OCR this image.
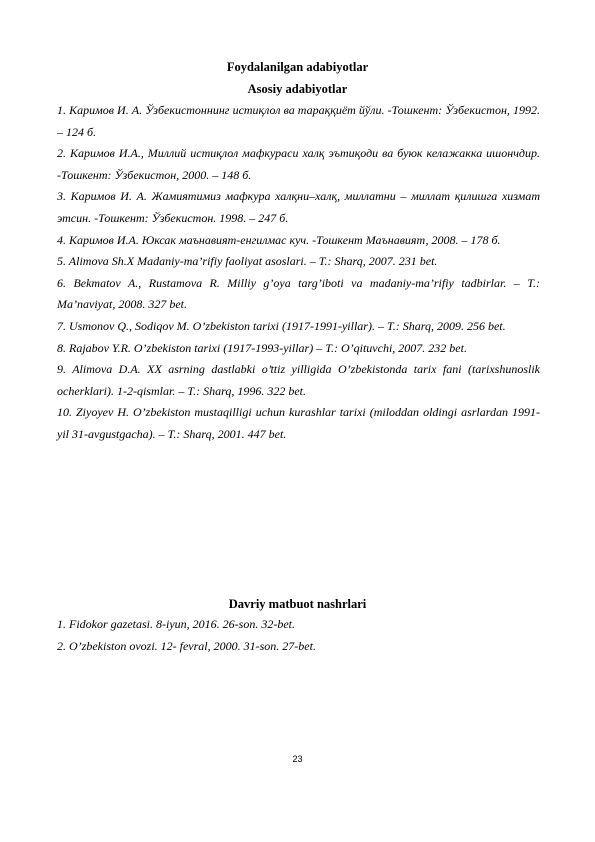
Foydalanilgan adabiyotlar
Asosiy adabiyotlar

1. Каримов И. А. Ўзбекистоннинг истиқлол ва тараққиёт йўли. -Тошкент: Ўзбекистон, 1992. – 124 б.

2. Каримов И.А., Миллий истиқлол мафкураси халқ эътиқоди ва буюк келажакка ишончдир. -Тошкент: Ўзбекистон, 2000. – 148 б.

3. Каримов И. А. Жамиятимиз мафкура халқни–халқ, миллатни – миллат қилишга хизмат этсин. -Тошкент: Ўзбекистон. 1998. – 247 б.

4. Каримов И.А. Юксак маънавият-енгилмас куч. -Тошкент Маънавият, 2008. – 178 б.

5. Alimova Sh.X Madaniy-ma’rifiy faoliyat asoslari. – T.: Sharq, 2007. 231 bet.

6. Bekmatov A., Rustamova R. Milliy g’oya targ’iboti va madaniy-ma’rifiy tadbirlar. – T.: Ma’naviyat, 2008. 327 bet.

7. Usmonov Q., Sodiqov M. O’zbekiston tarixi (1917-1991-yillar). – T.: Sharq, 2009. 256 bet.

8. Rajabov Y.R. O’zbekiston tarixi (1917-1993-yillar) – T.: O’qituvchi, 2007. 232 bet.

9. Alimova D.A. XX asrning dastlabki o’ttiz yilligida O’zbekistonda tarix fani (tarixshunoslik ocherklari). 1-2-qismlar. – T.: Sharq, 1996. 322 bet.

10. Ziyoyev H. O’zbekiston mustaqilligi uchun kurashlar tarixi (miloddan oldingi asrlardan 1991-yil 31-avgustgacha). – T.: Sharq, 2001. 447 bet.

Davriy matbuot nashrlari

1. Fidokor gazetasi. 8-iyun, 2016. 26-son. 32-bet.

2. O’zbekiston ovozi. 12- fevral, 2000. 31-son. 27-bet.

23
